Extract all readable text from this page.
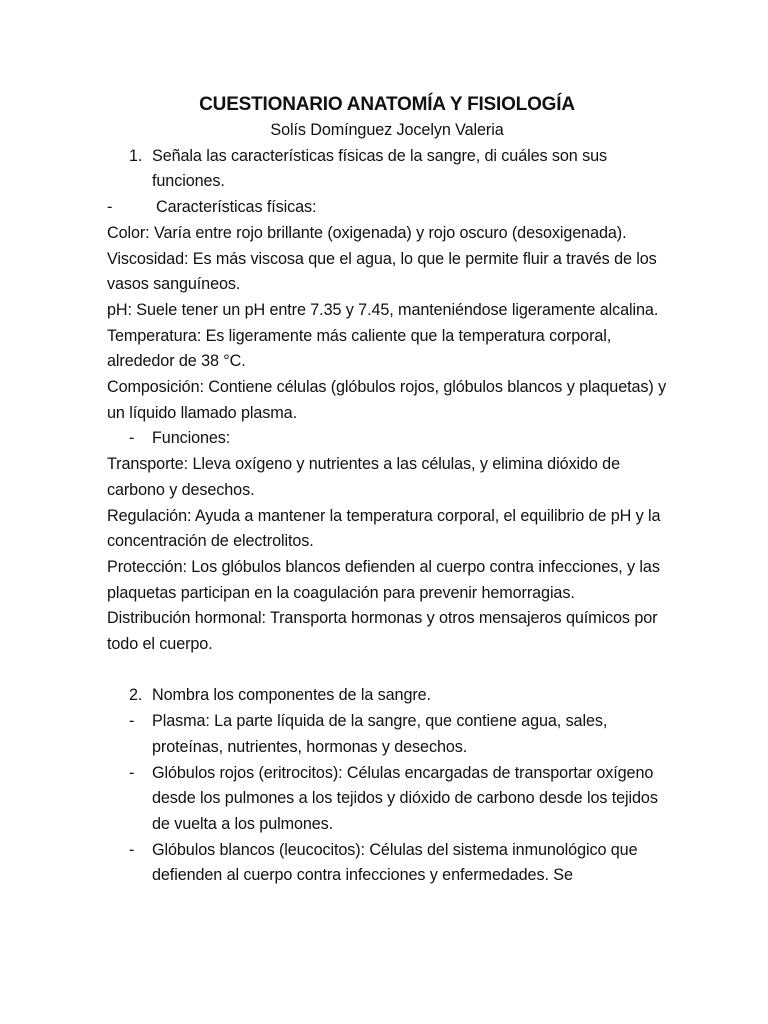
CUESTIONARIO ANATOMÍA Y FISIOLOGÍA

Solís Domínguez Jocelyn Valeria

1. Señala las características físicas de la sangre, di cuáles son sus funciones.

-	Características físicas:

Color: Varía entre rojo brillante (oxigenada) y rojo oscuro (desoxigenada).

Viscosidad: Es más viscosa que el agua, lo que le permite fluir a través de los vasos sanguíneos.

pH: Suele tener un pH entre 7.35 y 7.45, manteniéndose ligeramente alcalina.

Temperatura: Es ligeramente más caliente que la temperatura corporal, alrededor de 38 °C.

Composición: Contiene células (glóbulos rojos, glóbulos blancos y plaquetas) y un líquido llamado plasma.

- Funciones:

Transporte: Lleva oxígeno y nutrientes a las células, y elimina dióxido de carbono y desechos.

Regulación: Ayuda a mantener la temperatura corporal, el equilibrio de pH y la concentración de electrolitos.

Protección: Los glóbulos blancos defienden al cuerpo contra infecciones, y las plaquetas participan en la coagulación para prevenir hemorragias.

Distribución hormonal: Transporta hormonas y otros mensajeros químicos por todo el cuerpo.

2. Nombra los componentes de la sangre.

- Plasma: La parte líquida de la sangre, que contiene agua, sales, proteínas, nutrientes, hormonas y desechos.

- Glóbulos rojos (eritrocitos): Células encargadas de transportar oxígeno desde los pulmones a los tejidos y dióxido de carbono desde los tejidos de vuelta a los pulmones.

- Glóbulos blancos (leucocitos): Células del sistema inmunológico que defienden al cuerpo contra infecciones y enfermedades. Se
